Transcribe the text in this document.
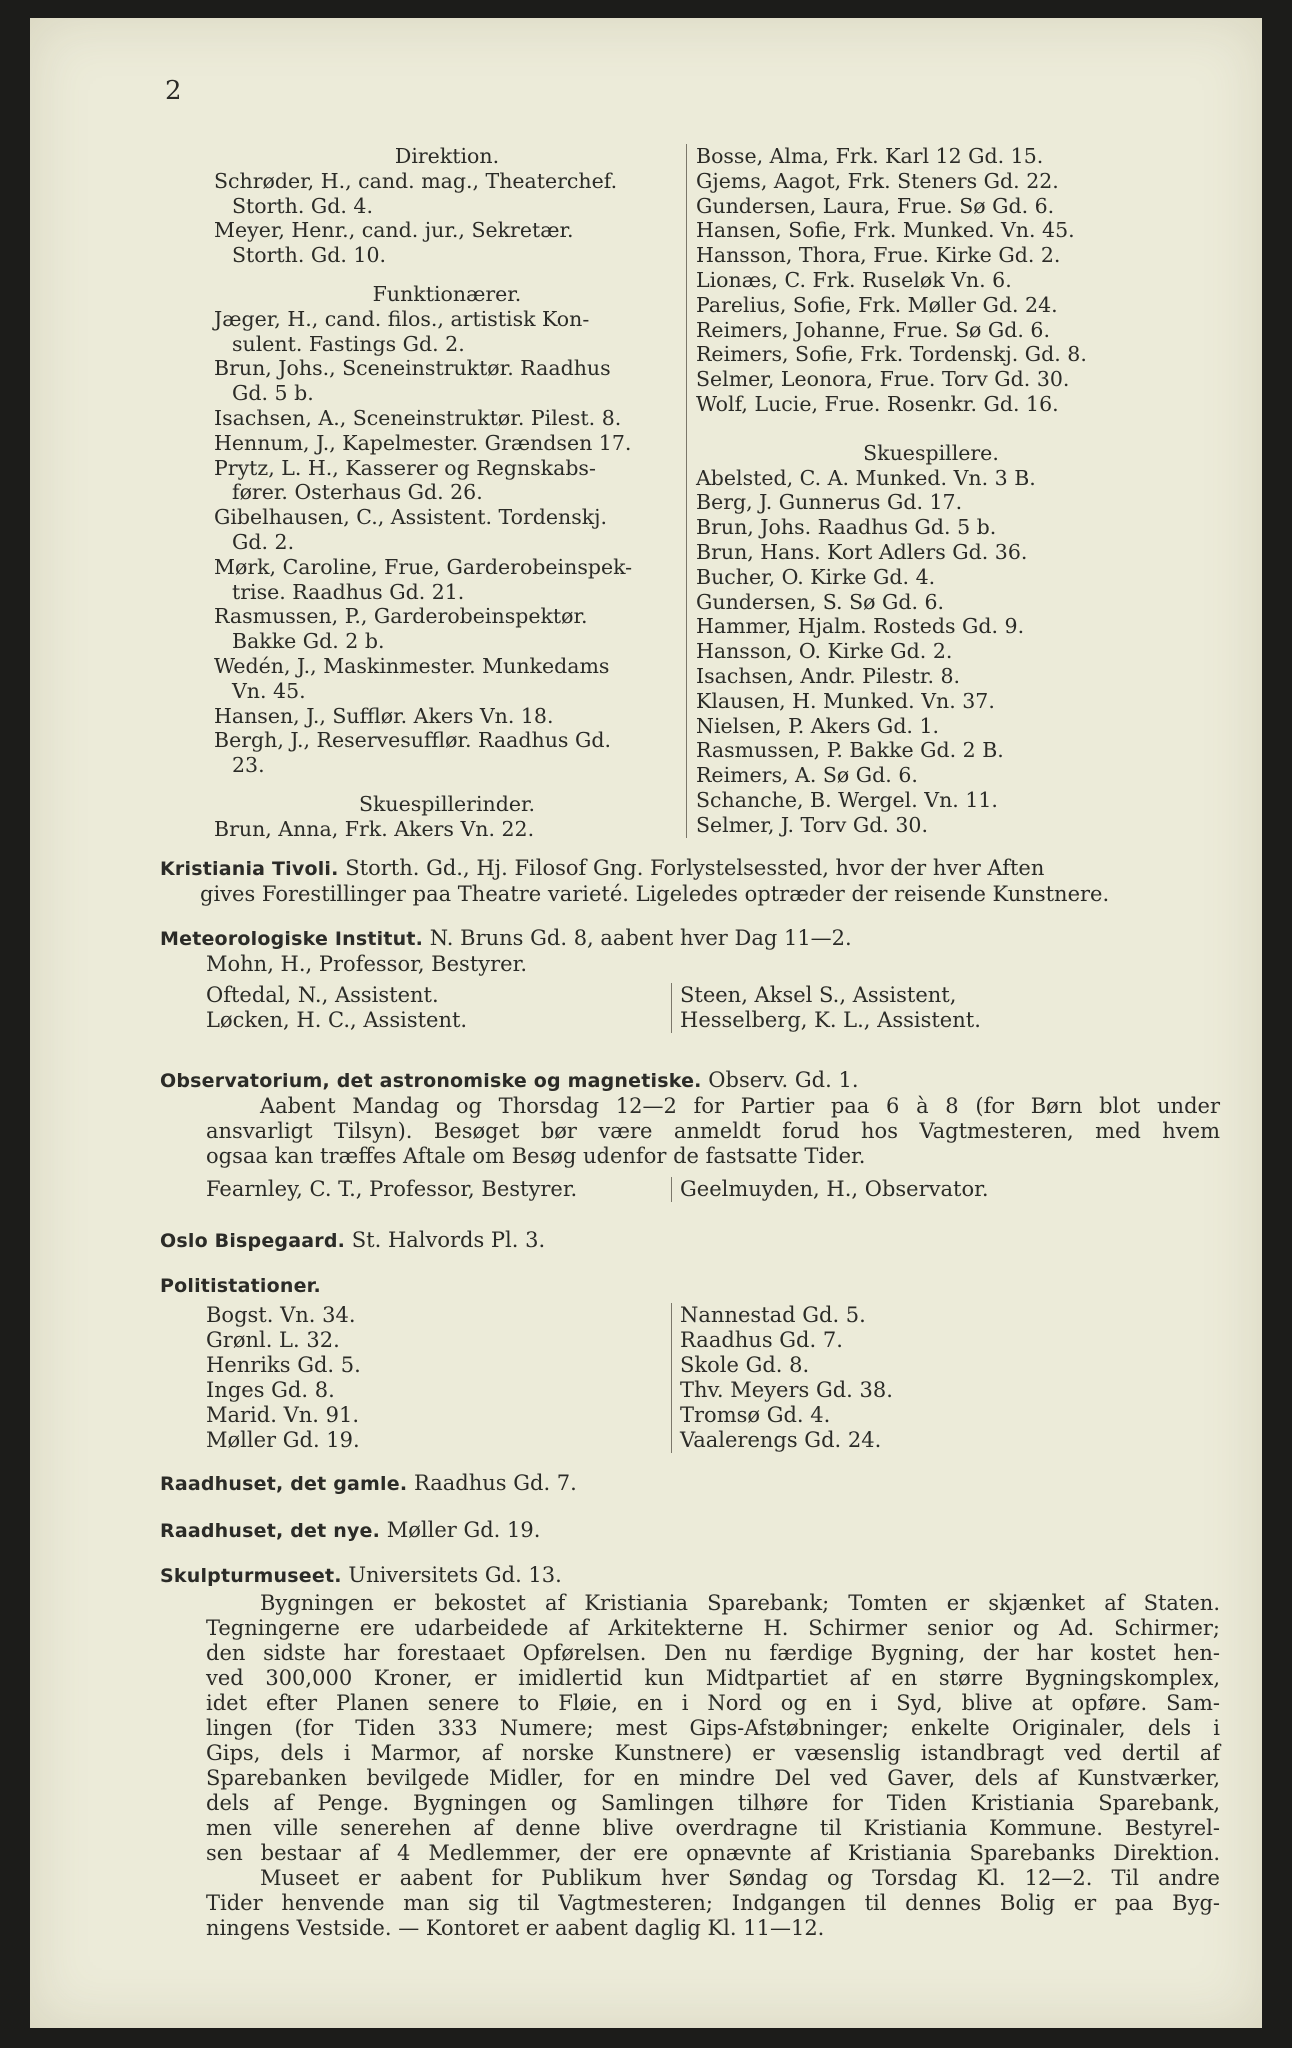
2
Direktion.
Schrøder, H., cand. mag., Theaterchef.
Storth. Gd. 4.
Meyer, Henr., cand. jur., Sekretær.
Storth. Gd. 10.
Funktionærer.
Jæger, H., cand. filos., artistisk Kon-
sulent. Fastings Gd. 2.
Brun, Johs., Sceneinstruktør. Raadhus
Gd. 5 b.
Isachsen, A., Sceneinstruktør. Pilest. 8.
Hennum, J., Kapelmester. Grændsen 17.
Prytz, L. H., Kasserer og Regnskabs-
fører. Osterhaus Gd. 26.
Gibelhausen, C., Assistent. Tordenskj.
Gd. 2.
Mørk, Caroline, Frue, Garderobeinspek-
trise. Raadhus Gd. 21.
Rasmussen, P., Garderobeinspektør.
Bakke Gd. 2 b.
Wedén, J., Maskinmester. Munkedams
Vn. 45.
Hansen, J., Sufflør. Akers Vn. 18.
Bergh, J., Reservesufflør. Raadhus Gd.
23.
Skuespillerinder.
Brun, Anna, Frk. Akers Vn. 22.
Bosse, Alma, Frk. Karl 12 Gd. 15.
Gjems, Aagot, Frk. Steners Gd. 22.
Gundersen, Laura, Frue. Sø Gd. 6.
Hansen, Sofie, Frk. Munked. Vn. 45.
Hansson, Thora, Frue. Kirke Gd. 2.
Lionæs, C. Frk. Ruseløk Vn. 6.
Parelius, Sofie, Frk. Møller Gd. 24.
Reimers, Johanne, Frue. Sø Gd. 6.
Reimers, Sofie, Frk. Tordenskj. Gd. 8.
Selmer, Leonora, Frue. Torv Gd. 30.
Wolf, Lucie, Frue. Rosenkr. Gd. 16.
Skuespillere.
Abelsted, C. A. Munked. Vn. 3 B.
Berg, J. Gunnerus Gd. 17.
Brun, Johs. Raadhus Gd. 5 b.
Brun, Hans. Kort Adlers Gd. 36.
Bucher, O. Kirke Gd. 4.
Gundersen, S. Sø Gd. 6.
Hammer, Hjalm. Rosteds Gd. 9.
Hansson, O. Kirke Gd. 2.
Isachsen, Andr. Pilestr. 8.
Klausen, H. Munked. Vn. 37.
Nielsen, P. Akers Gd. 1.
Rasmussen, P. Bakke Gd. 2 B.
Reimers, A. Sø Gd. 6.
Schanche, B. Wergel. Vn. 11.
Selmer, J. Torv Gd. 30.
Kristiania Tivoli. Storth. Gd., Hj. Filosof Gng. Forlystelsessted, hvor der hver Aften
gives Forestillinger paa Theatre varieté. Ligeledes optræder der reisende Kunstnere.
Meteorologiske Institut. N. Bruns Gd. 8, aabent hver Dag 11—2.
Mohn, H., Professor, Bestyrer.
Oftedal, N., Assistent.
Løcken, H. C., Assistent.
Steen, Aksel S., Assistent,
Hesselberg, K. L., Assistent.
Observatorium, det astronomiske og magnetiske. Observ. Gd. 1.
Aabent Mandag og Thorsdag 12—2 for Partier paa 6 à 8 (for Børn blot under
ansvarligt Tilsyn). Besøget bør være anmeldt forud hos Vagtmesteren, med hvem
ogsaa kan træffes Aftale om Besøg udenfor de fastsatte Tider.
Fearnley, C. T., Professor, Bestyrer.	Geelmuyden, H., Observator.
Oslo Bispegaard. St. Halvords Pl. 3.
Politistationer.
Bogst. Vn. 34.
Grønl. L. 32.
Henriks Gd. 5.
Inges Gd. 8.
Marid. Vn. 91.
Møller Gd. 19.
Nannestad Gd. 5.
Raadhus Gd. 7.
Skole Gd. 8.
Thv. Meyers Gd. 38.
Tromsø Gd. 4.
Vaalerengs Gd. 24.
Raadhuset, det gamle. Raadhus Gd. 7.
Raadhuset, det nye. Møller Gd. 19.
Skulpturmuseet. Universitets Gd. 13.
Bygningen er bekostet af Kristiania Sparebank; Tomten er skjænket af Staten.
Tegningerne ere udarbeidede af Arkitekterne H. Schirmer senior og Ad. Schirmer;
den sidste har forestaaet Opførelsen. Den nu færdige Bygning, der har kostet hen-
ved 300,000 Kroner, er imidlertid kun Midtpartiet af en større Bygningskomplex,
idet efter Planen senere to Fløie, en i Nord og en i Syd, blive at opføre. Sam-
lingen (for Tiden 333 Numere; mest Gips-Afstøbninger; enkelte Originaler, dels i
Gips, dels i Marmor, af norske Kunstnere) er væsenslig istandbragt ved dertil af
Sparebanken bevilgede Midler, for en mindre Del ved Gaver, dels af Kunstværker,
dels af Penge. Bygningen og Samlingen tilhøre for Tiden Kristiania Sparebank,
men ville senerehen af denne blive overdragne til Kristiania Kommune. Bestyrel-
sen bestaar af 4 Medlemmer, der ere opnævnte af Kristiania Sparebanks Direktion.
Museet er aabent for Publikum hver Søndag og Torsdag Kl. 12—2. Til andre
Tider henvende man sig til Vagtmesteren; Indgangen til dennes Bolig er paa Byg-
ningens Vestside. — Kontoret er aabent daglig Kl. 11—12.
